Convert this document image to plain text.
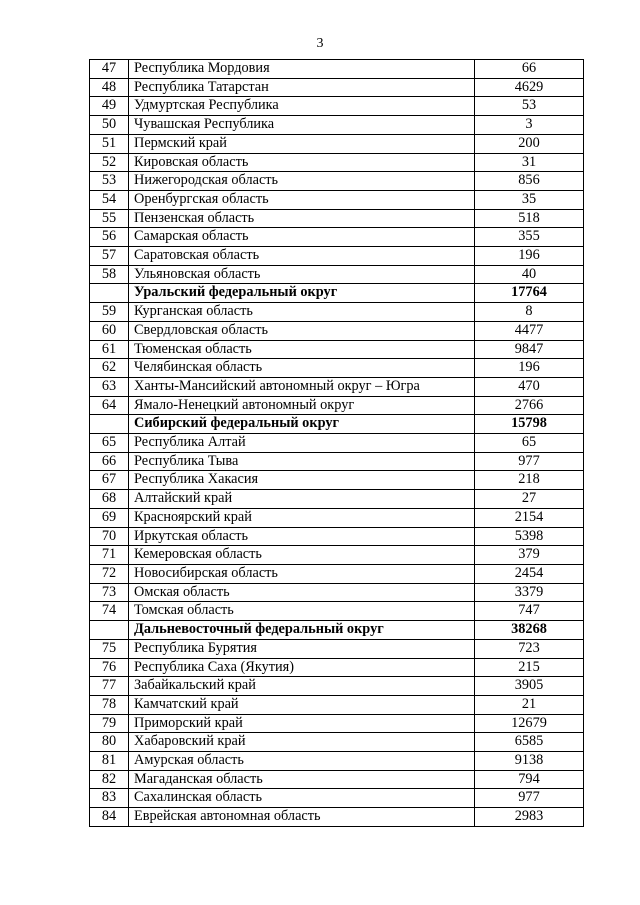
3
47	Республика Мордовия	66
48	Республика Татарстан	4629
49	Удмуртская Республика	53
50	Чувашская Республика	3
51	Пермский край	200
52	Кировская область	31
53	Нижегородская область	856
54	Оренбургская область	35
55	Пензенская область	518
56	Самарская область	355
57	Саратовская область	196
58	Ульяновская область	40
	Уральский федеральный округ	17764
59	Курганская область	8
60	Свердловская область	4477
61	Тюменская область	9847
62	Челябинская область	196
63	Ханты-Мансийский автономный округ – Югра	470
64	Ямало-Ненецкий автономный округ	2766
	Сибирский федеральный округ	15798
65	Республика Алтай	65
66	Республика Тыва	977
67	Республика Хакасия	218
68	Алтайский край	27
69	Красноярский край	2154
70	Иркутская область	5398
71	Кемеровская область	379
72	Новосибирская область	2454
73	Омская область	3379
74	Томская область	747
	Дальневосточный федеральный округ	38268
75	Республика Бурятия	723
76	Республика Саха (Якутия)	215
77	Забайкальский край	3905
78	Камчатский край	21
79	Приморский край	12679
80	Хабаровский край	6585
81	Амурская область	9138
82	Магаданская область	794
83	Сахалинская область	977
84	Еврейская автономная область	2983
